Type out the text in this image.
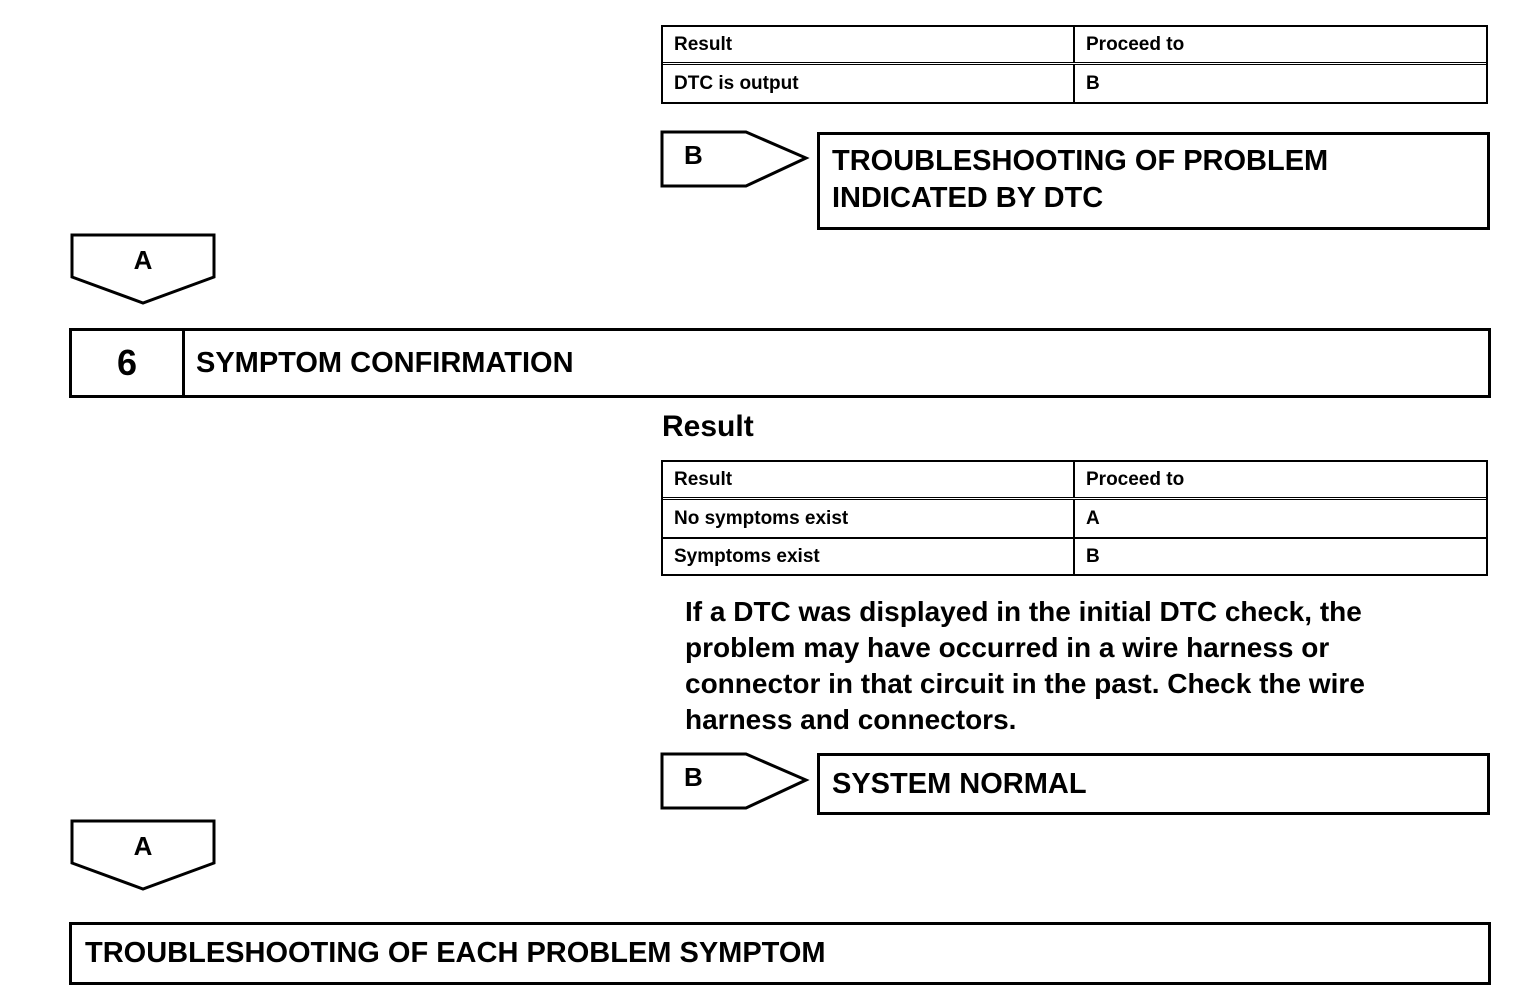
Result	Proceed to
DTC is output	B
B	TROUBLESHOOTING OF PROBLEM
INDICATED BY DTC
A
6	SYMPTOM CONFIRMATION
Result
Result	Proceed to
No symptoms exist	A
Symptoms exist	B
If a DTC was displayed in the initial DTC check, the
problem may have occurred in a wire harness or
connector in that circuit in the past. Check the wire
harness and connectors.
B	SYSTEM NORMAL
A
TROUBLESHOOTING OF EACH PROBLEM SYMPTOM
